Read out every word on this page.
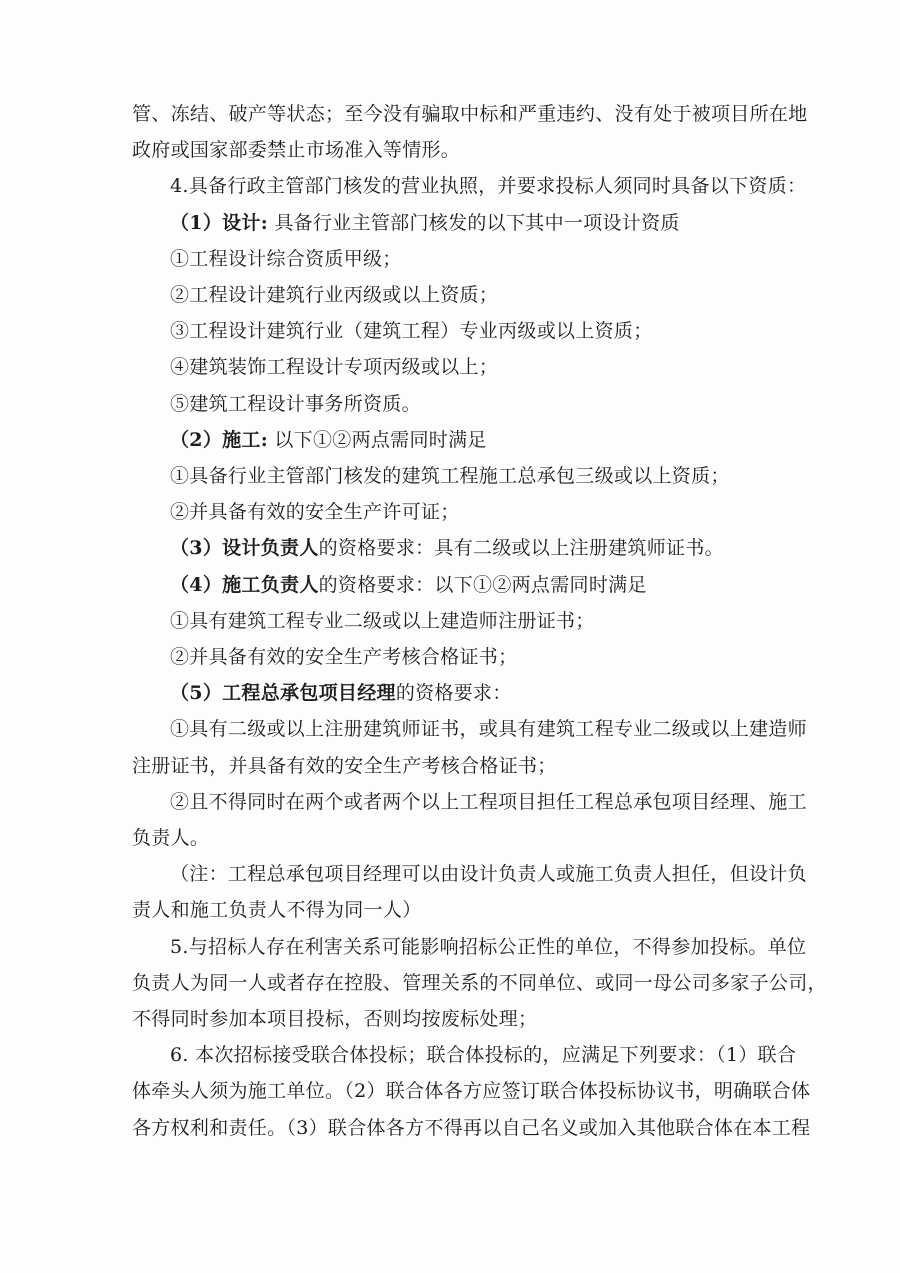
管、冻结、破产等状态；至今没有骗取中标和严重违约、没有处于被项目所在地
政府或国家部委禁止市场准入等情形。
4.具备行政主管部门核发的营业执照，并要求投标人须同时具备以下资质：
（1）设计: 具备行业主管部门核发的以下其中一项设计资质
①工程设计综合资质甲级；
②工程设计建筑行业丙级或以上资质；
③工程设计建筑行业（建筑工程）专业丙级或以上资质；
④建筑装饰工程设计专项丙级或以上；
⑤建筑工程设计事务所资质。
（2）施工: 以下①②两点需同时满足
①具备行业主管部门核发的建筑工程施工总承包三级或以上资质；
②并具备有效的安全生产许可证；
（3）设计负责人的资格要求：具有二级或以上注册建筑师证书。
（4）施工负责人的资格要求：以下①②两点需同时满足
①具有建筑工程专业二级或以上建造师注册证书；
②并具备有效的安全生产考核合格证书；
（5）工程总承包项目经理的资格要求：
①具有二级或以上注册建筑师证书，或具有建筑工程专业二级或以上建造师
注册证书，并具备有效的安全生产考核合格证书；
②且不得同时在两个或者两个以上工程项目担任工程总承包项目经理、施工
负责人。
（注：工程总承包项目经理可以由设计负责人或施工负责人担任，但设计负
责人和施工负责人不得为同一人）
5.与招标人存在利害关系可能影响招标公正性的单位，不得参加投标。单位
负责人为同一人或者存在控股、管理关系的不同单位、或同一母公司多家子公司，
不得同时参加本项目投标，否则均按废标处理；
6. 本次招标接受联合体投标；联合体投标的，应满足下列要求：（1）联合
体牵头人须为施工单位。（2）联合体各方应签订联合体投标协议书，明确联合体
各方权利和责任。（3）联合体各方不得再以自己名义或加入其他联合体在本工程
